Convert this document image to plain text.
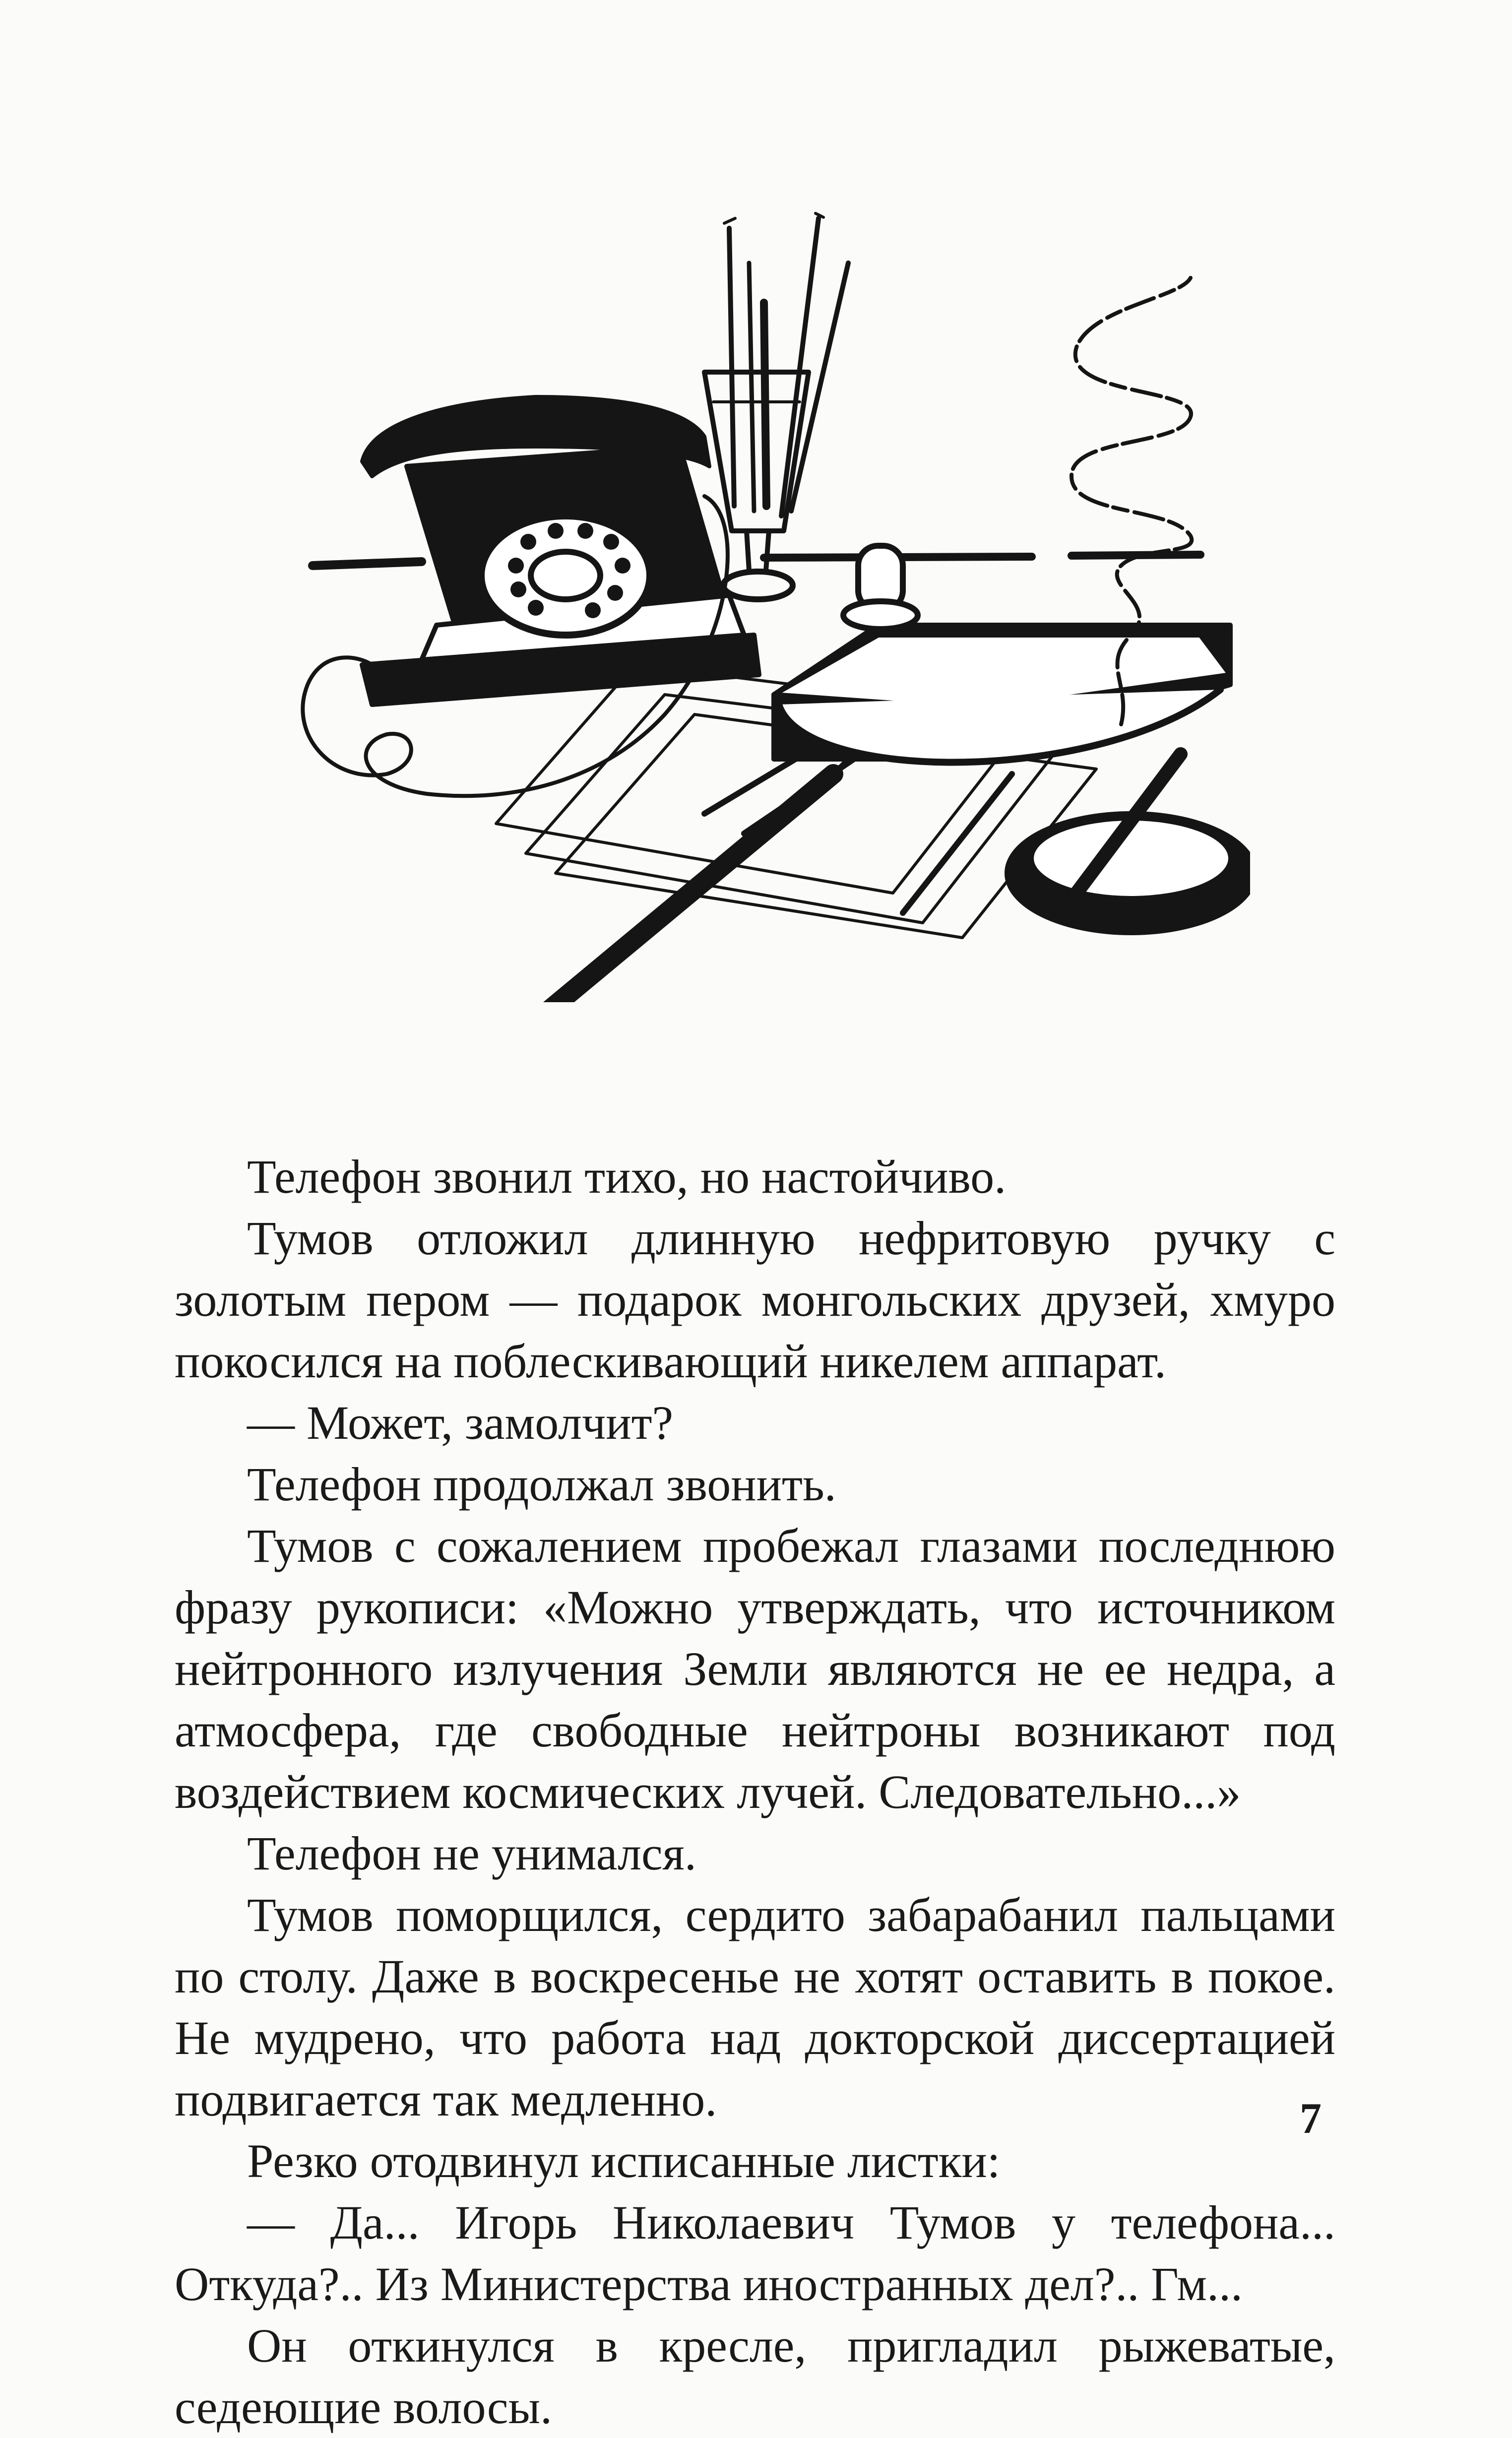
Телефон звонил тихо, но настойчиво.

Тумов отложил длинную нефритовую ручку с золотым пером — подарок монгольских друзей, хмуро покосился на поблескивающий никелем аппарат.

— Может, замолчит?

Телефон продолжал звонить.

Тумов с сожалением пробежал глазами последнюю фразу рукописи: «Можно утверждать, что источником нейтронного излучения Земли являются не ее недра, а атмосфера, где свободные нейтроны возникают под воздействием космических лучей. Следовательно...»

Телефон не унимался.

Тумов поморщился, сердито забарабанил пальцами по столу. Даже в воскресенье не хотят оставить в покое. Не мудрено, что работа над докторской диссертацией подвигается так медленно.

Резко отодвинул исписанные листки:

— Да... Игорь Николаевич Тумов у телефона... Откуда?.. Из Министерства иностранных дел?.. Гм...

Он откинулся в кресле, пригладил рыжеватые, седеющие волосы.

7
